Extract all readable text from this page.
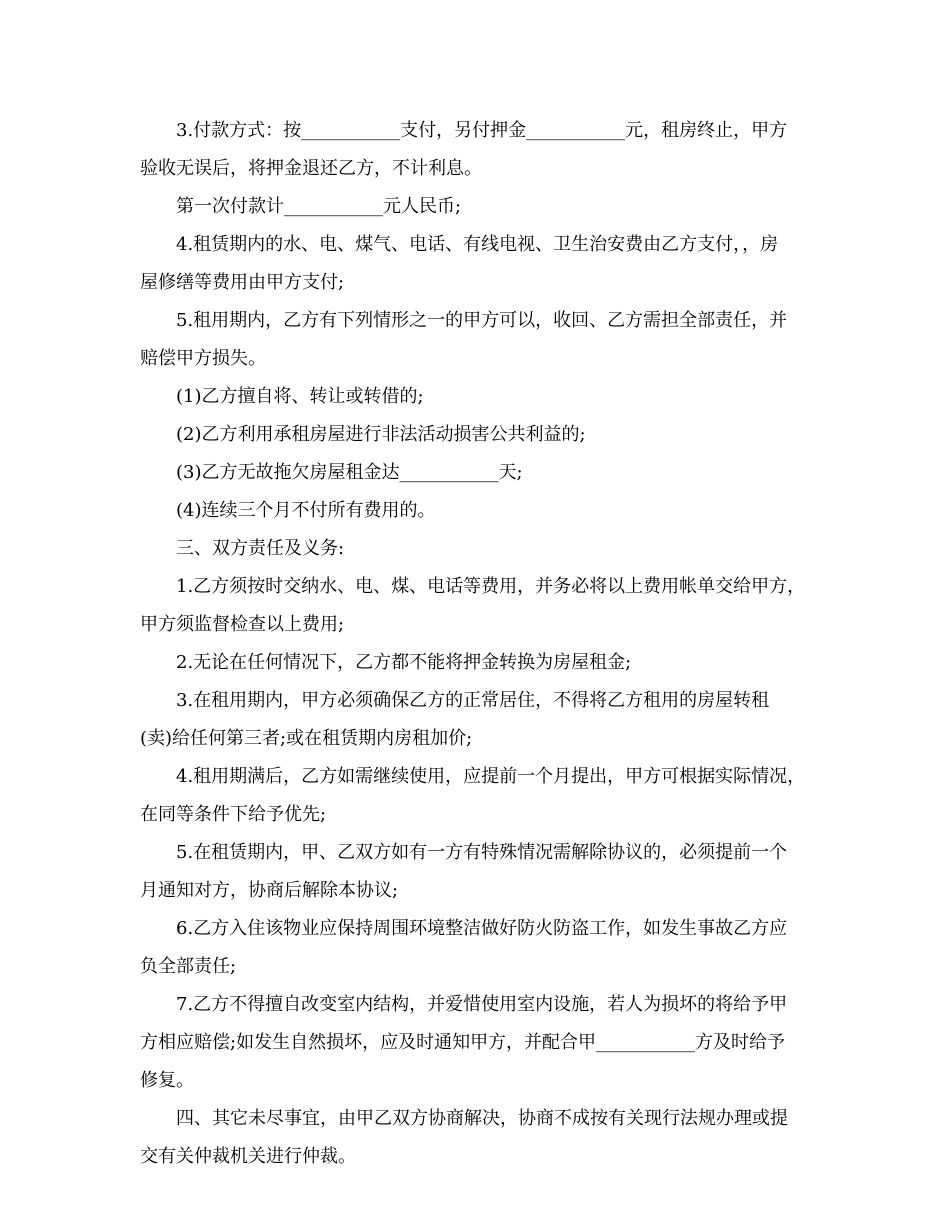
3.付款方式：按___________支付，另付押金___________元，租房终止，甲方
验收无误后，将押金退还乙方，不计利息。
第一次付款计___________元人民币;
4.租赁期内的水、电、煤气、电话、有线电视、卫生治安费由乙方支付，，房
屋修缮等费用由甲方支付;
5.租用期内，乙方有下列情形之一的甲方可以，收回、乙方需担全部责任，并
赔偿甲方损失。
(1)乙方擅自将、转让或转借的;
(2)乙方利用承租房屋进行非法活动损害公共利益的;
(3)乙方无故拖欠房屋租金达___________天;
(4)连续三个月不付所有费用的。
三、双方责任及义务:
1.乙方须按时交纳水、电、煤、电话等费用，并务必将以上费用帐单交给甲方，
甲方须监督检查以上费用;
2.无论在任何情况下，乙方都不能将押金转换为房屋租金;
3.在租用期内，甲方必须确保乙方的正常居住，不得将乙方租用的房屋转租
(卖)给任何第三者;或在租赁期内房租加价;
4.租用期满后，乙方如需继续使用，应提前一个月提出，甲方可根据实际情况，
在同等条件下给予优先;
5.在租赁期内，甲、乙双方如有一方有特殊情况需解除协议的，必须提前一个
月通知对方，协商后解除本协议;
6.乙方入住该物业应保持周围环境整洁做好防火防盗工作，如发生事故乙方应
负全部责任;
7.乙方不得擅自改变室内结构，并爱惜使用室内设施，若人为损坏的将给予甲
方相应赔偿;如发生自然损坏，应及时通知甲方，并配合甲___________方及时给予
修复。
四、其它未尽事宜，由甲乙双方协商解决，协商不成按有关现行法规办理或提
交有关仲裁机关进行仲裁。
